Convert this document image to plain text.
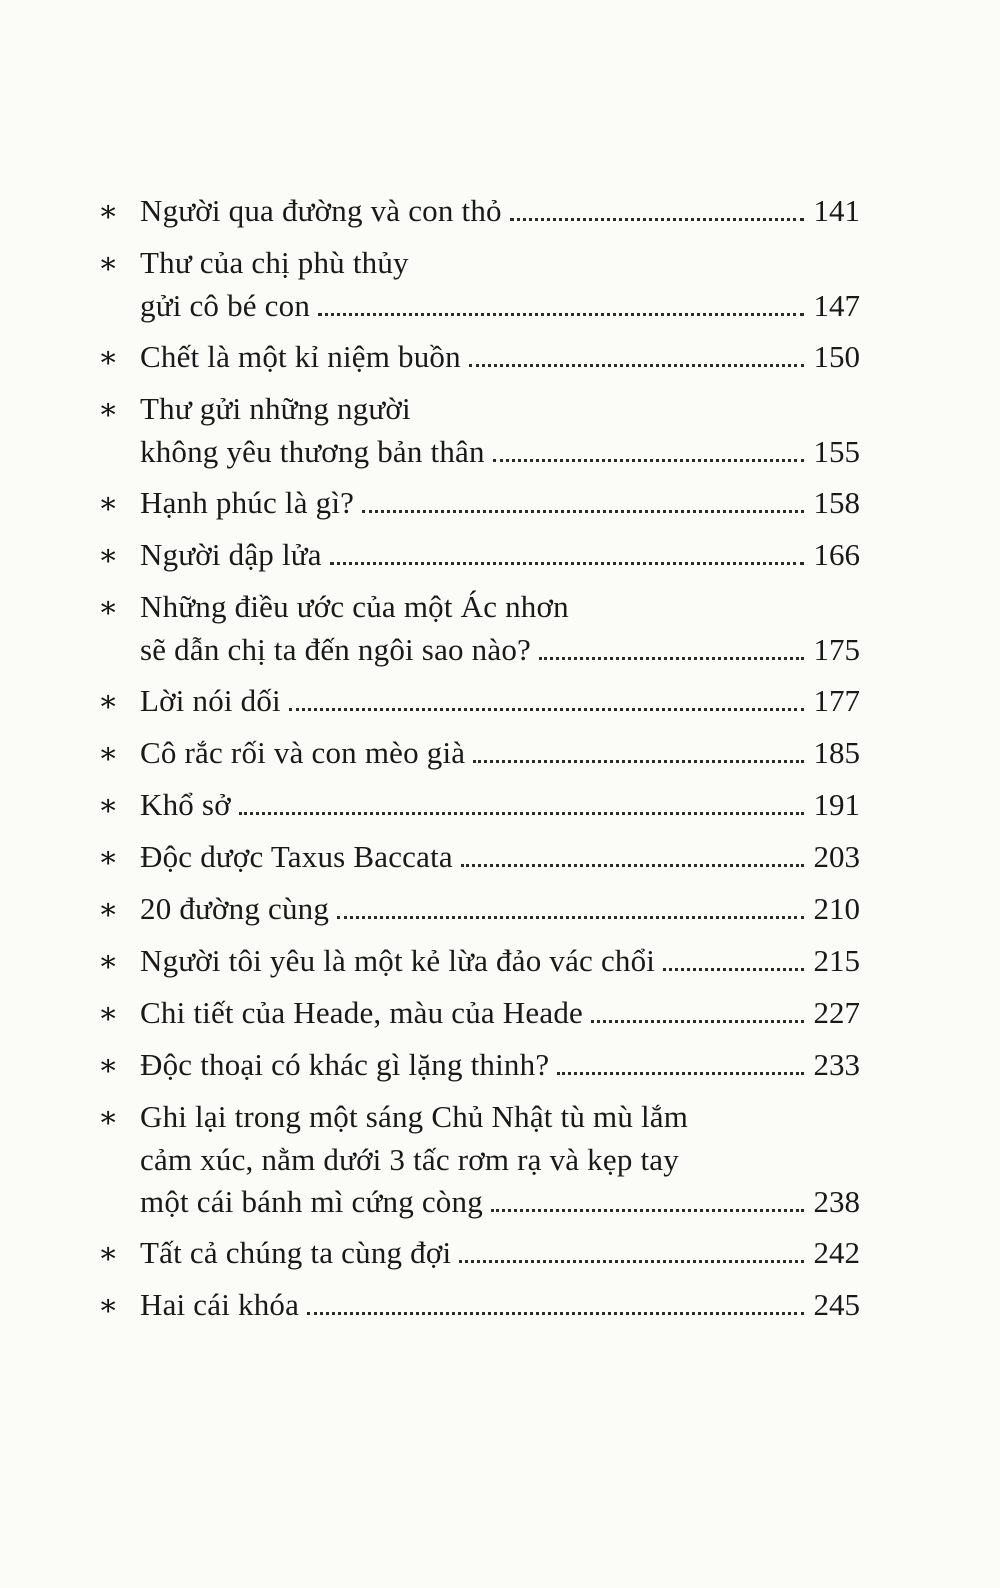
∗ Người qua đường và con thỏ	141
∗ Thư của chị phù thủy
gửi cô bé con	147
∗ Chết là một kỉ niệm buồn	150
∗ Thư gửi những người
không yêu thương bản thân	155
∗ Hạnh phúc là gì?	158
∗ Người dập lửa	166
∗ Những điều ước của một Ác nhơn
sẽ dẫn chị ta đến ngôi sao nào?	175
∗ Lời nói dối	177
∗ Cô rắc rối và con mèo già	185
∗ Khổ sở	191
∗ Độc dược Taxus Baccata	203
∗ 20 đường cùng	210
∗ Người tôi yêu là một kẻ lừa đảo vác chổi	215
∗ Chi tiết của Heade, màu của Heade	227
∗ Độc thoại có khác gì lặng thinh?	233
∗ Ghi lại trong một sáng Chủ Nhật tù mù lắm
cảm xúc, nằm dưới 3 tấc rơm rạ và kẹp tay
một cái bánh mì cứng còng	238
∗ Tất cả chúng ta cùng đợi	242
∗ Hai cái khóa	245
